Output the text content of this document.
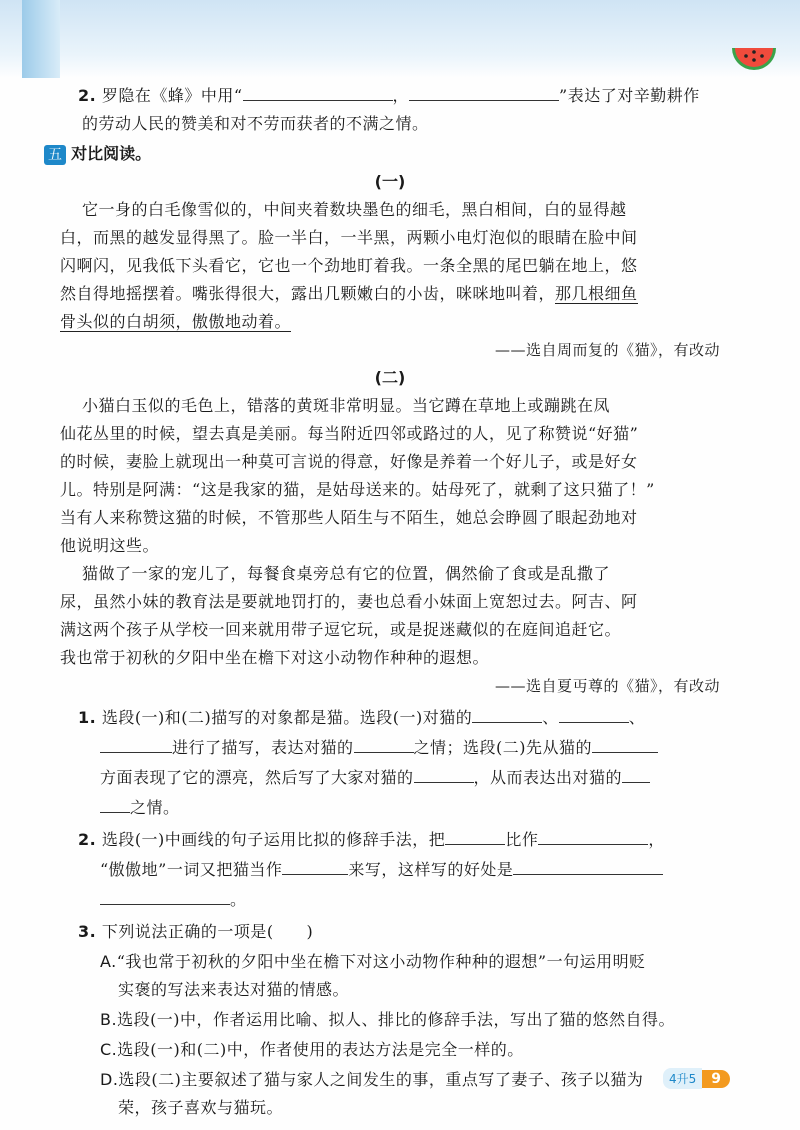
2. 罗隐在《蜂》中用“	，	”表达了对辛勤耕作
的劳动人民的赞美和对不劳而获者的不满之情。
五 对比阅读。
(一)
它一身的白毛像雪似的，中间夹着数块墨色的细毛，黑白相间，白的显得越
白，而黑的越发显得黑了。脸一半白，一半黑，两颗小电灯泡似的眼睛在脸中间
闪啊闪，见我低下头看它，它也一个劲地盯着我。一条全黑的尾巴躺在地上，悠
然自得地摇摆着。嘴张得很大，露出几颗嫩白的小齿，咪咪地叫着，那几根细鱼
骨头似的白胡须，傲傲地动着。
——选自周而复的《猫》，有改动
(二)
小猫白玉似的毛色上，错落的黄斑非常明显。当它蹲在草地上或蹦跳在凤
仙花丛里的时候，望去真是美丽。每当附近四邻或路过的人，见了称赞说“好猫”
的时候，妻脸上就现出一种莫可言说的得意，好像是养着一个好儿子，或是好女
儿。特别是阿满：“这是我家的猫，是姑母送来的。姑母死了，就剩了这只猫了！”
当有人来称赞这猫的时候，不管那些人陌生与不陌生，她总会睁圆了眼起劲地对
他说明这些。
猫做了一家的宠儿了，每餐食桌旁总有它的位置，偶然偷了食或是乱撒了
尿，虽然小妹的教育法是要就地罚打的，妻也总看小妹面上宽恕过去。阿吉、阿
满这两个孩子从学校一回来就用带子逗它玩，或是捉迷藏似的在庭间追赶它。
我也常于初秋的夕阳中坐在檐下对这小动物作种种的遐想。
——选自夏丏尊的《猫》，有改动
1. 选段(一)和(二)描写的对象都是猫。选段(一)对猫的	、	、
进行了描写，表达对猫的	之情；选段(二)先从猫的
方面表现了它的漂亮，然后写了大家对猫的	，从而表达出对猫的
之情。
2. 选段(一)中画线的句子运用比拟的修辞手法，把	比作	，
“傲傲地”一词又把猫当作	来写，这样写的好处是
。
3. 下列说法正确的一项是(　　)
A.“我也常于初秋的夕阳中坐在檐下对这小动物作种种的遐想”一句运用明贬
实褒的写法来表达对猫的情感。
B.选段(一)中，作者运用比喻、拟人、排比的修辞手法，写出了猫的悠然自得。
C.选段(一)和(二)中，作者使用的表达方法是完全一样的。
D.选段(二)主要叙述了猫与家人之间发生的事，重点写了妻子、孩子以猫为
荣，孩子喜欢与猫玩。
4升5	9
